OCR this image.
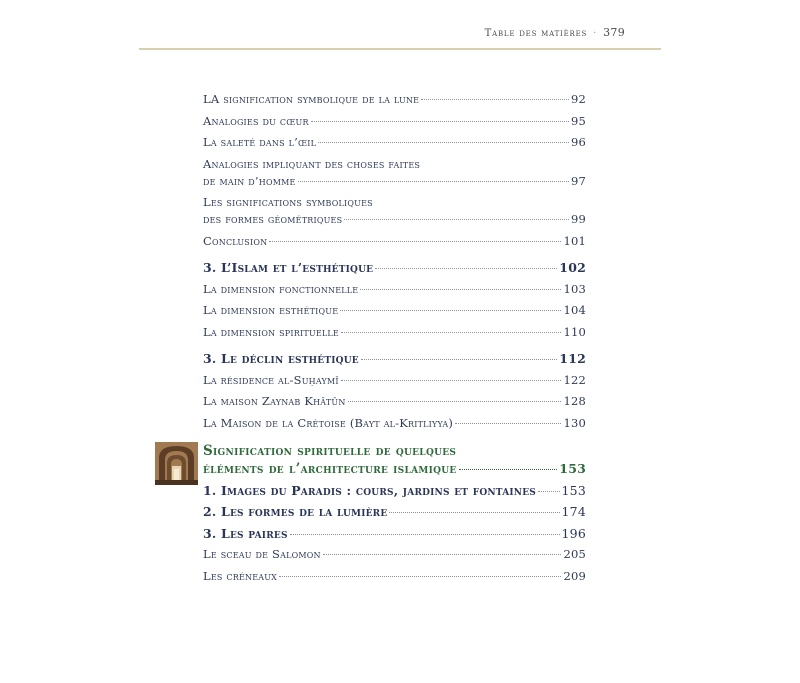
Table des matières · 379
LA signification symbolique de la lune	92
Analogies du cœur	95
La saleté dans l’œil	96
Analogies impliquant des choses faites
de main d’homme	97
Les significations symboliques
des formes géométriques	99
Conclusion	101
3. L’Islam et l’esthétique	102
La dimension fonctionnelle	103
La dimension esthétique	104
La dimension spirituelle	110
3. Le déclin esthétique	112
La résidence al-Suḥaymī	122
La maison Zaynab Khātūn	128
La Maison de la Crétoise (Bayt al-Kritliyya)	130
Signification spirituelle de quelques
éléments de l’architecture islamique	153
1. Images du Paradis : cours, jardins et fontaines 153
2. Les formes de la lumière	174
3. Les paires	196
Le sceau de Salomon	205
Les créneaux	209
